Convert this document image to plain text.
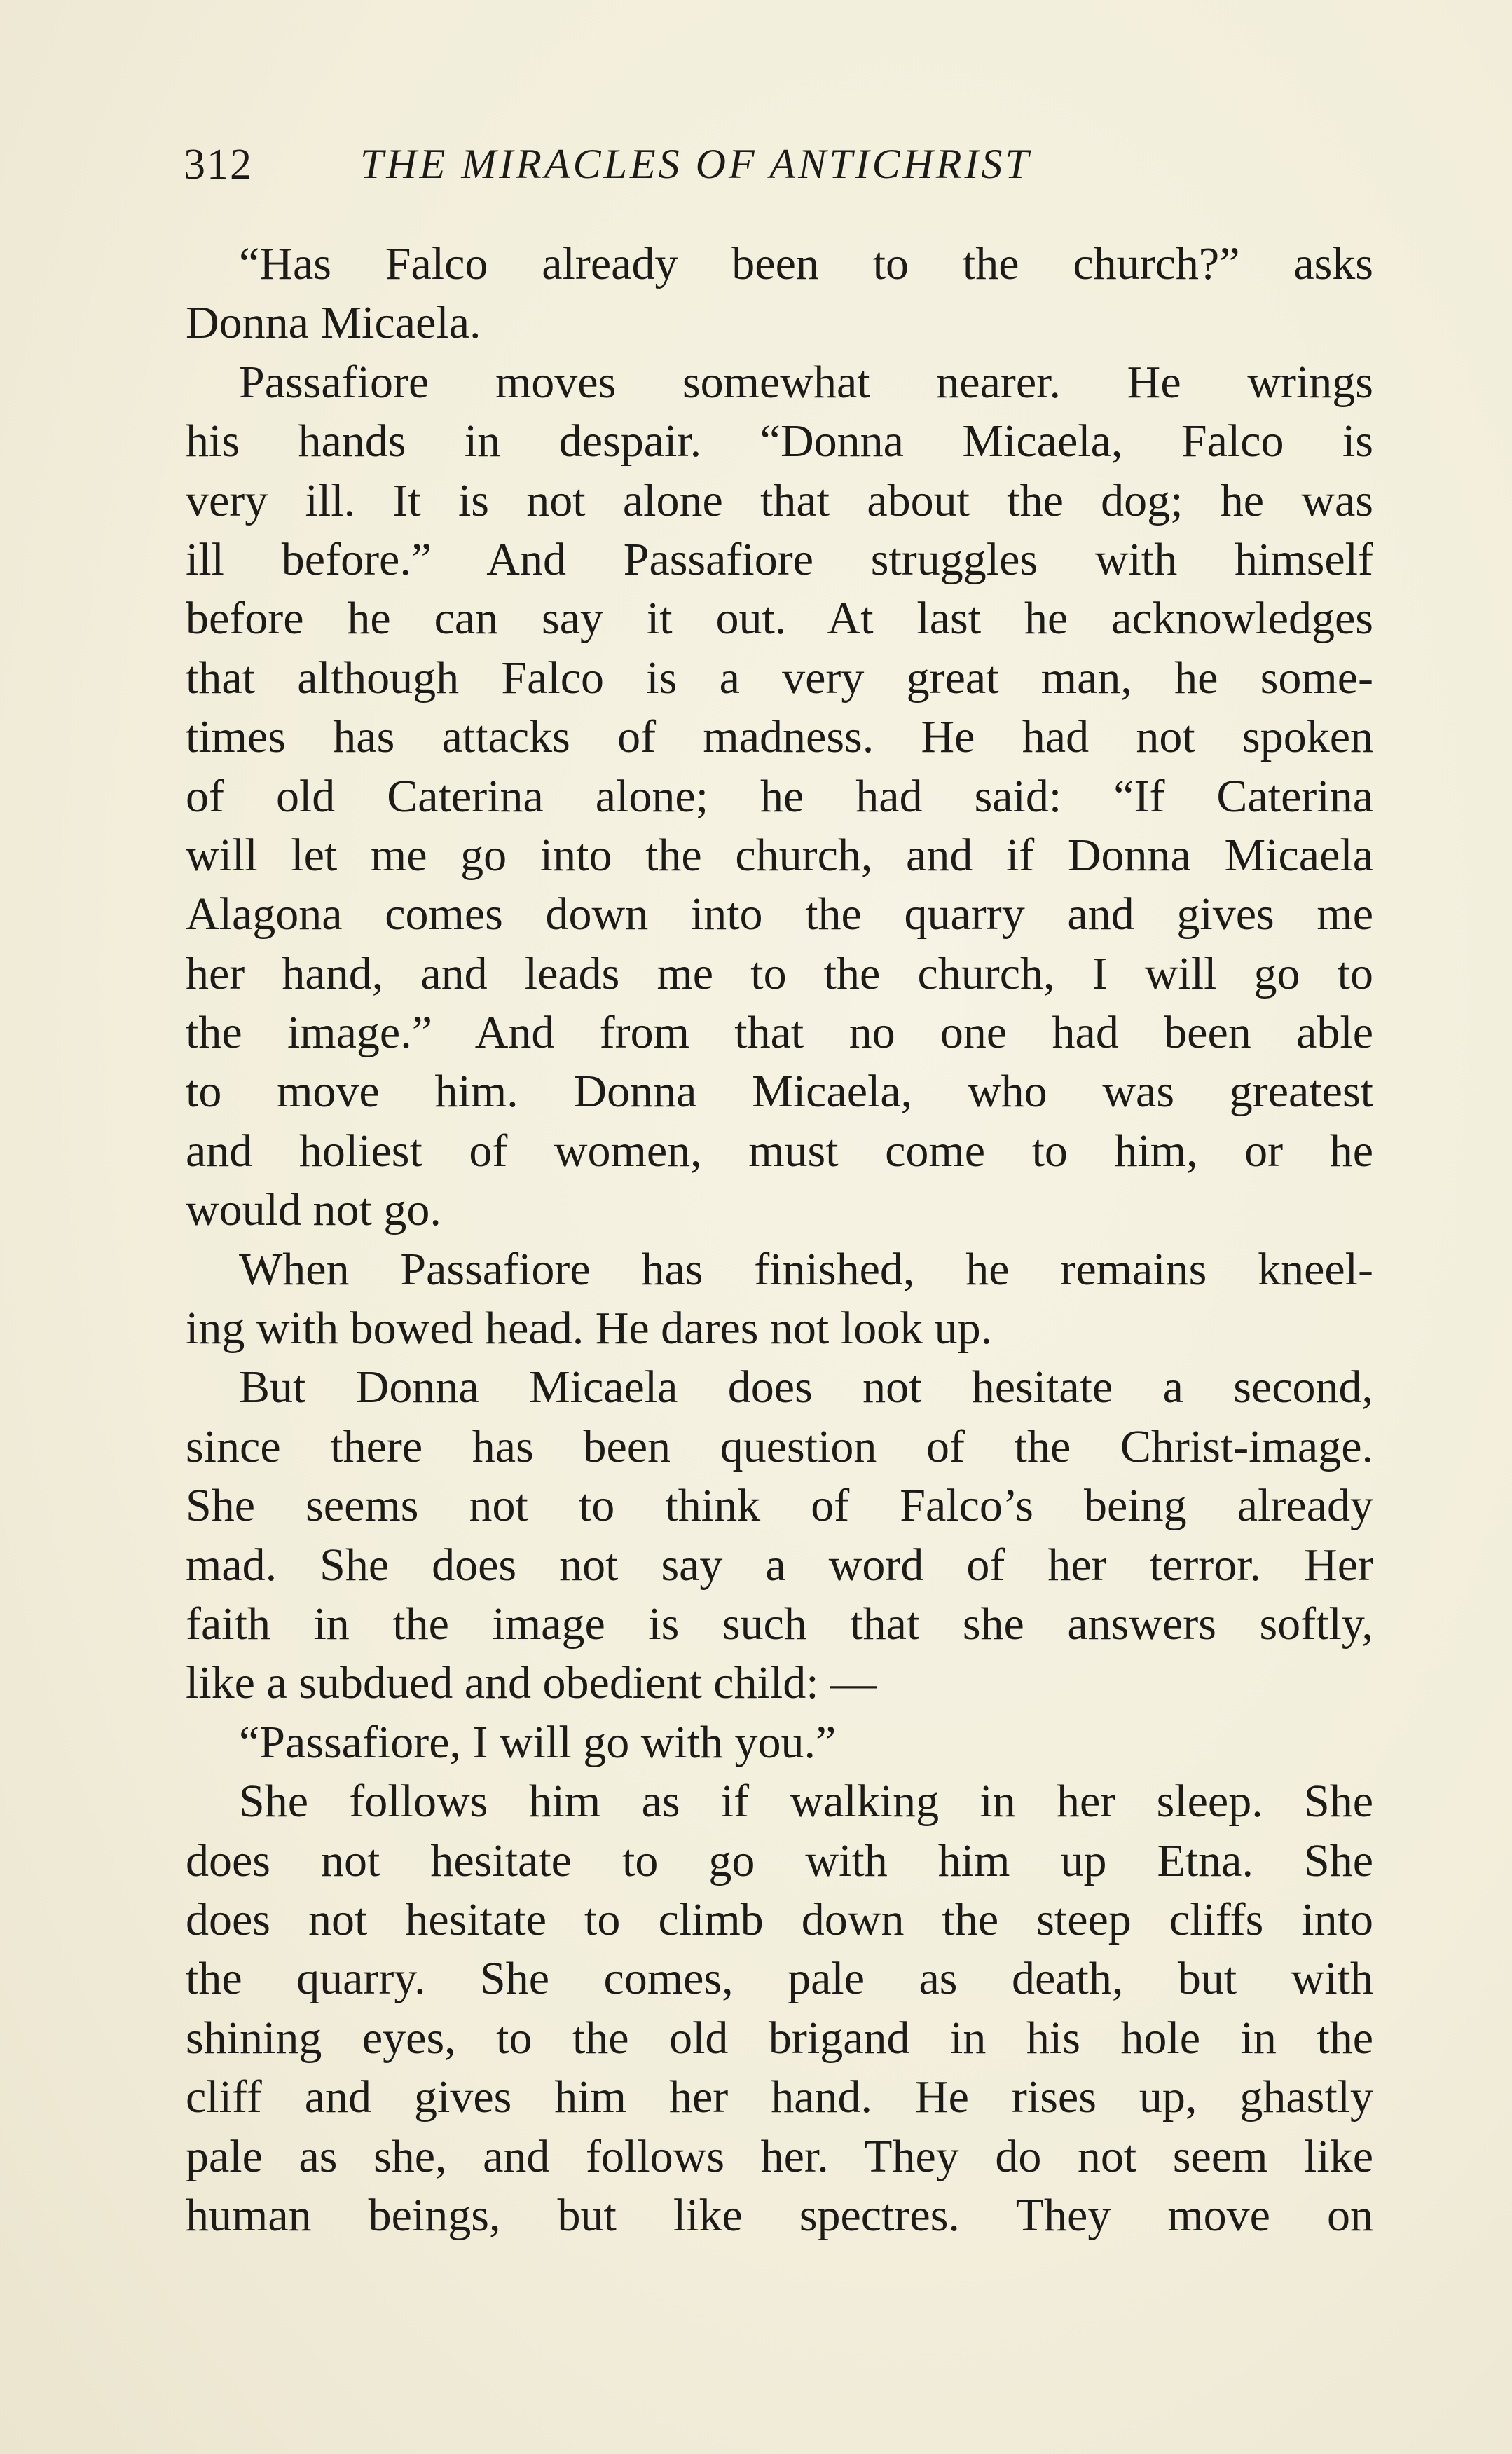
312	THE MIRACLES OF ANTICHRIST
“Has Falco already been to the church?” asks
Donna Micaela.
Passafiore moves somewhat nearer. He wrings
his hands in despair. “Donna Micaela, Falco is
very ill. It is not alone that about the dog; he was
ill before.” And Passafiore struggles with himself
before he can say it out. At last he acknowledges
that although Falco is a very great man, he some-
times has attacks of madness. He had not spoken
of old Caterina alone; he had said: “If Caterina
will let me go into the church, and if Donna Micaela
Alagona comes down into the quarry and gives me
her hand, and leads me to the church, I will go to
the image.” And from that no one had been able
to move him. Donna Micaela, who was greatest
and holiest of women, must come to him, or he
would not go.
When Passafiore has finished, he remains kneel-
ing with bowed head. He dares not look up.
But Donna Micaela does not hesitate a second,
since there has been question of the Christ-image.
She seems not to think of Falco’s being already
mad. She does not say a word of her terror. Her
faith in the image is such that she answers softly,
like a subdued and obedient child: —
“Passafiore, I will go with you.”
She follows him as if walking in her sleep. She
does not hesitate to go with him up Etna. She
does not hesitate to climb down the steep cliffs into
the quarry. She comes, pale as death, but with
shining eyes, to the old brigand in his hole in the
cliff and gives him her hand. He rises up, ghastly
pale as she, and follows her. They do not seem like
human beings, but like spectres. They move on
